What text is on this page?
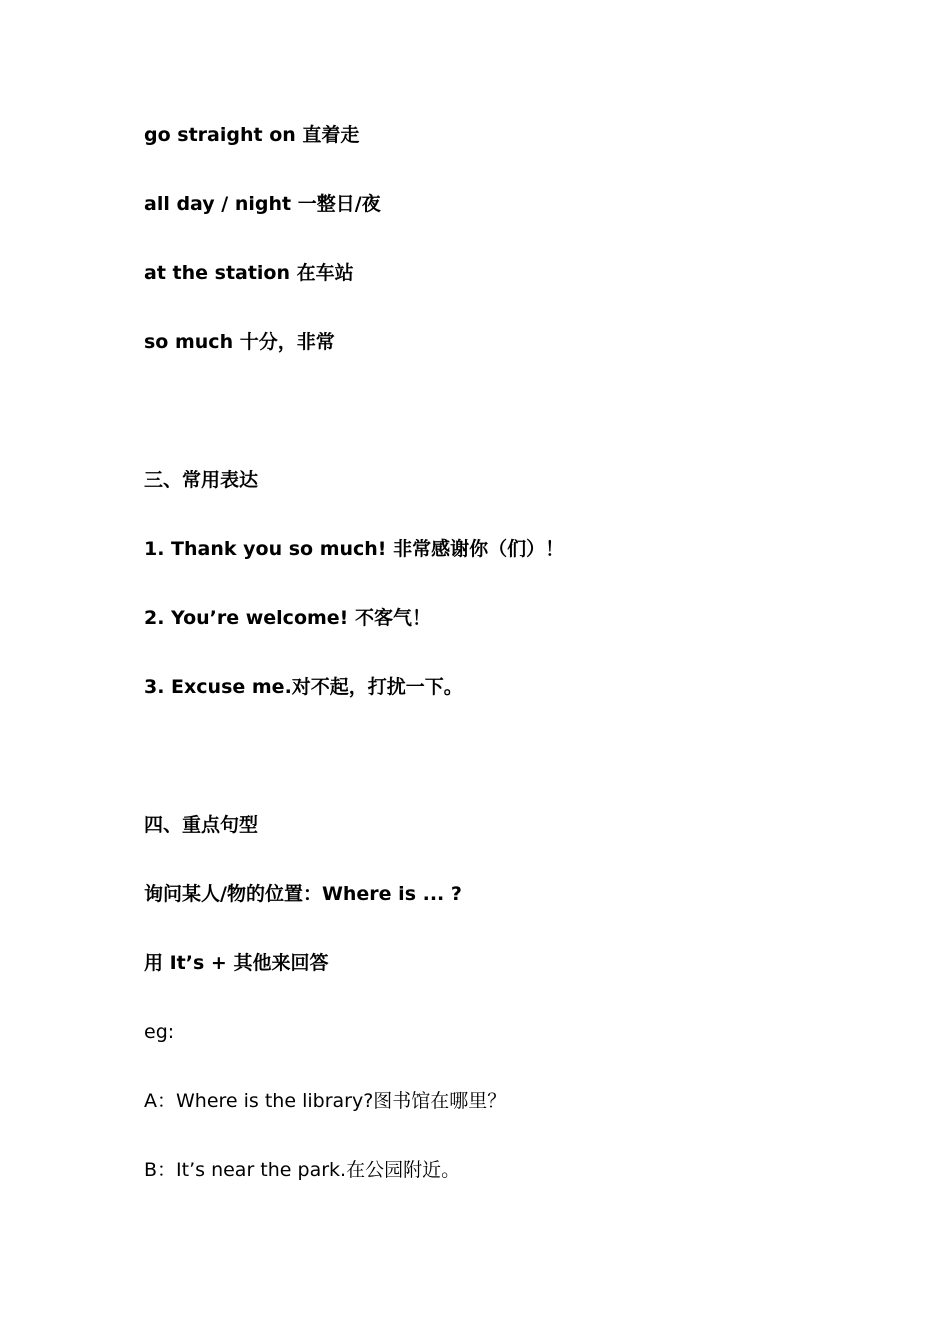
go straight on 直着走
all day / night 一整日/夜
at the station 在车站
so much 十分，非常
三、常用表达
1. Thank you so much! 非常感谢你（们）！
2. You’re welcome! 不客气！
3. Excuse me.对不起，打扰一下。
四、重点句型
询问某人/物的位置：Where is ... ?
用 It’s + 其他来回答
eg:
A：Where is the library?图书馆在哪里？
B：It’s near the park.在公园附近。
